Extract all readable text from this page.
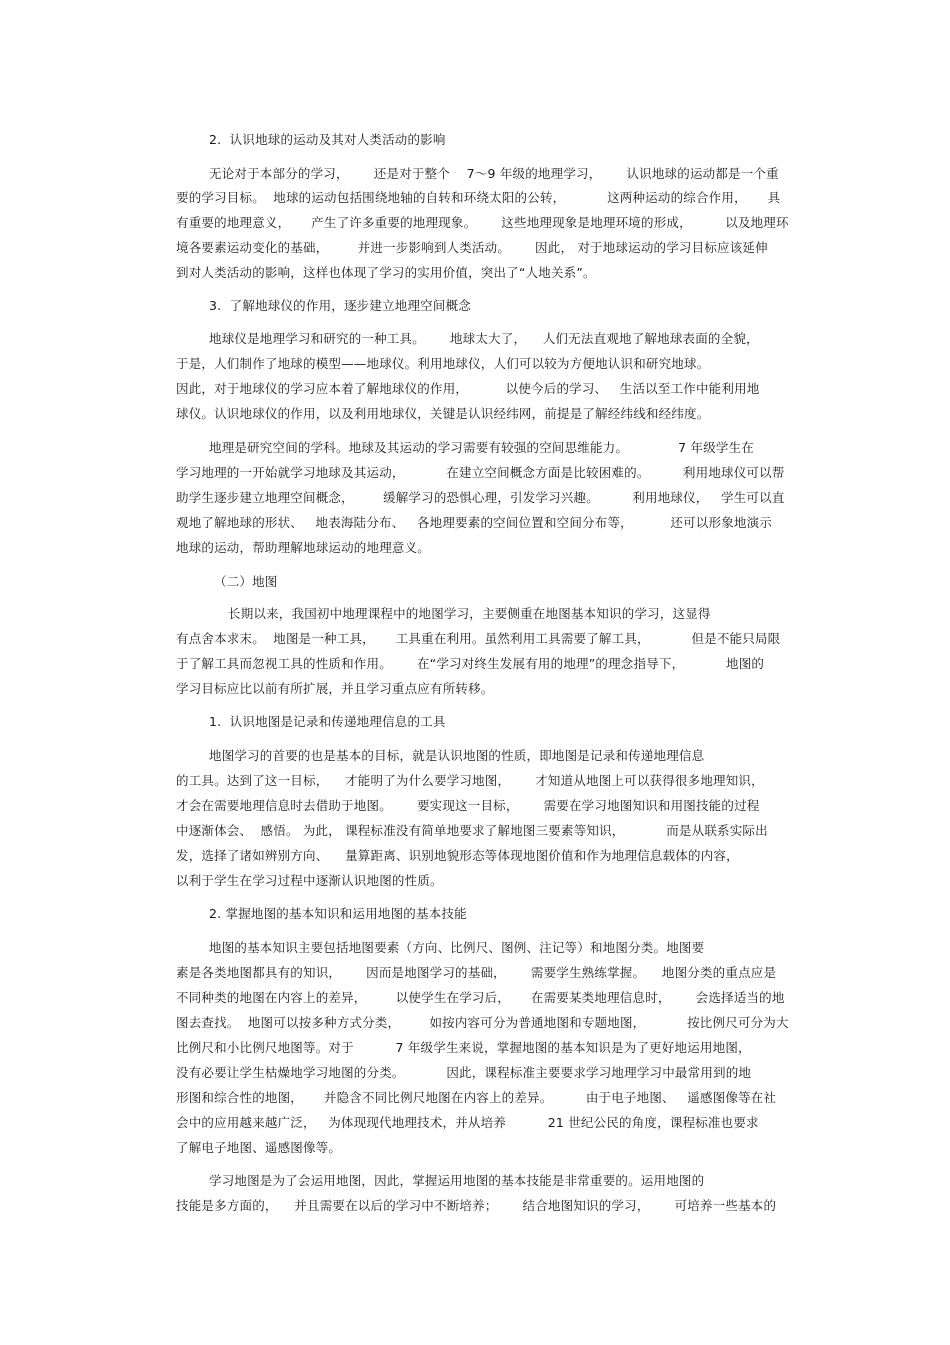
2.  认识地球的运动及其对人类活动的影响
无论对于本部分的学习，      还是对于整个    7～9 年级的地理学习，      认识地球的运动都是一个重
要的学习目标。  地球的运动包括围绕地轴的自转和环绕太阳的公转，          这两种运动的综合作用，     具
有重要的地理意义，     产生了许多重要的地理现象。      这些地理现象是地理环境的形成，        以及地理环
境各要素运动变化的基础，       并进一步影响到人类活动。      因此， 对于地球运动的学习目标应该延伸
到对人类活动的影响，这样也体现了学习的实用价值，突出了“人地关系”。
3.  了解地球仪的作用，逐步建立地理空间概念
地球仪是地理学习和研究的一种工具。      地球太大了，    人们无法直观地了解地球表面的全貌，
于是，人们制作了地球的模型——地球仪。利用地球仪，人们可以较为方便地认识和研究地球。
因此，对于地球仪的学习应本着了解地球仪的作用，         以使今后的学习、   生活以至工作中能利用地
球仪。认识地球仪的作用，以及利用地球仪，关键是认识经纬网，前提是了解经纬线和经纬度。
地理是研究空间的学科。地球及其运动的学习需要有较强的空间思维能力。            7 年级学生在
学习地理的一开始就学习地球及其运动，          在建立空间概念方面是比较困难的。        利用地球仪可以帮
助学生逐步建立地理空间概念，       缓解学习的恐惧心理，引发学习兴趣。        利用地球仪，   学生可以直
观地了解地球的形状、   地表海陆分布、   各地理要素的空间位置和空间分布等，         还可以形象地演示
地球的运动，帮助理解地球运动的地理意义。
（二）地图
长期以来，我国初中地理课程中的地图学习，主要侧重在地图基本知识的学习，这显得
有点舍本求末。  地图是一种工具，     工具重在利用。虽然利用工具需要了解工具，          但是不能只局限
于了解工具而忽视工具的性质和作用。      在“学习对终生发展有用的地理”的理念指导下，          地图的
学习目标应比以前有所扩展，并且学习重点应有所转移。
1.  认识地图是记录和传递地理信息的工具
地图学习的首要的也是基本的目标，就是认识地图的性质，即地图是记录和传递地理信息
的工具。达到了这一目标，    才能明了为什么要学习地图，      才知道从地图上可以获得很多地理知识，
才会在需要地理信息时去借助于地图。      要实现这一目标，      需要在学习地图知识和用图技能的过程
中逐渐体会、  感悟。 为此， 课程标准没有简单地要求了解地图三要素等知识，          而是从联系实际出
发，选择了诸如辨别方向、    量算距离、识别地貌形态等体现地图价值和作为地理信息载体的内容，
以利于学生在学习过程中逐渐认识地图的性质。
2. 掌握地图的基本知识和运用地图的基本技能
地图的基本知识主要包括地图要素（方向、比例尺、图例、注记等）和地图分类。地图要
素是各类地图都具有的知识，      因而是地图学习的基础，      需要学生熟练掌握。    地图分类的重点应是
不同种类的地图在内容上的差异，       以使学生在学习后，     在需要某类地理信息时，      会选择适当的地
图去查找。  地图可以按多种方式分类，       如按内容可分为普通地图和专题地图，          按比例尺可分为大
比例尺和小比例尺地图等。对于          7 年级学生来说，掌握地图的基本知识是为了更好地运用地图，
没有必要让学生枯燥地学习地图的分类。          因此，课程标准主要要求学习地理学习中最常用到的地
形图和综合性的地图，     并隐含不同比例尺地图在内容上的差异。        由于电子地图、   遥感图像等在社
会中的应用越来越广泛，   为体现现代地理技术，并从培养          21 世纪公民的角度，课程标准也要求
了解电子地图、遥感图像等。
学习地图是为了会运用地图，因此，掌握运用地图的基本技能是非常重要的。运用地图的
技能是多方面的，    并且需要在以后的学习中不断培养；      结合地图知识的学习，      可培养一些基本的
